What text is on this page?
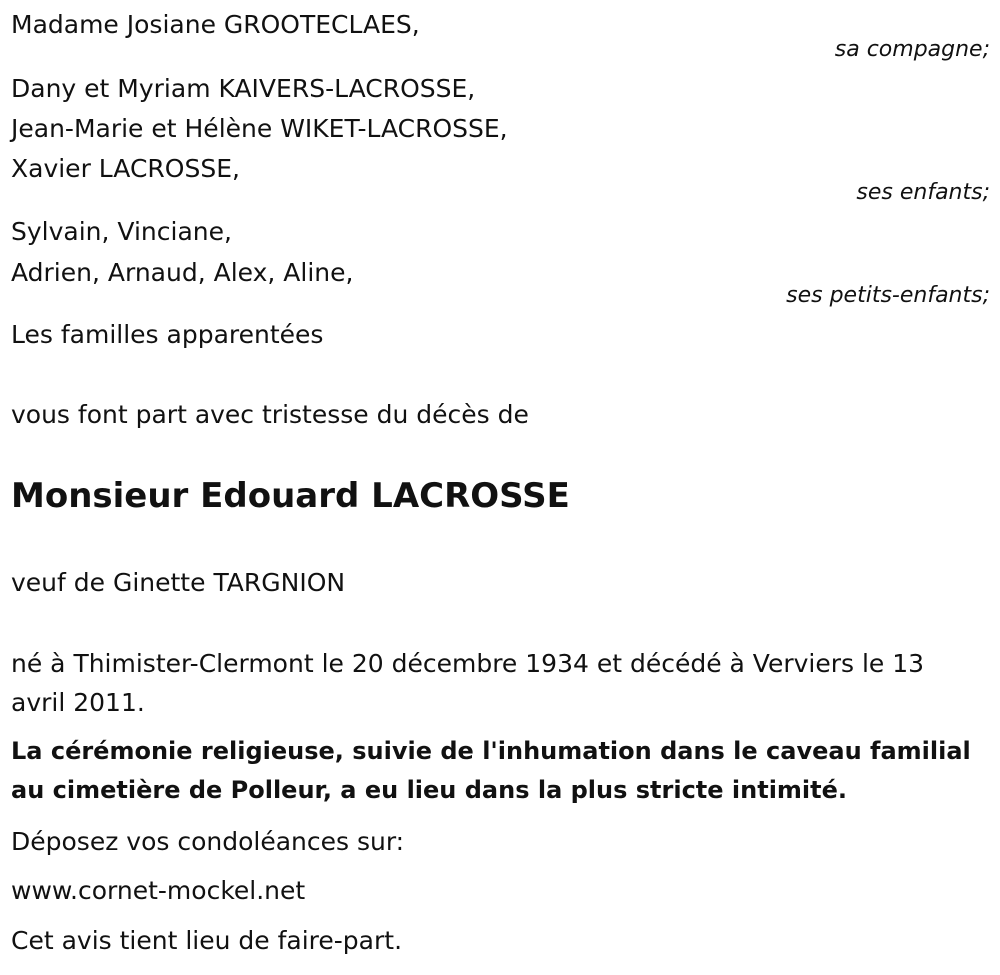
Madame Josiane GROOTECLAES,
sa compagne;
Dany et Myriam KAIVERS-LACROSSE,
Jean-Marie et Hélène WIKET-LACROSSE,
Xavier LACROSSE,
ses enfants;
Sylvain, Vinciane,
Adrien, Arnaud, Alex, Aline,
ses petits-enfants;
Les familles apparentées
vous font part avec tristesse du décès de
Monsieur Edouard LACROSSE
veuf de Ginette TARGNION
né à Thimister-Clermont le 20 décembre 1934 et décédé à Verviers le 13 avril 2011.
La cérémonie religieuse, suivie de l'inhumation dans le caveau familial au cimetière de Polleur, a eu lieu dans la plus stricte intimité.
Déposez vos condoléances sur:
www.cornet-mockel.net
Cet avis tient lieu de faire-part.
